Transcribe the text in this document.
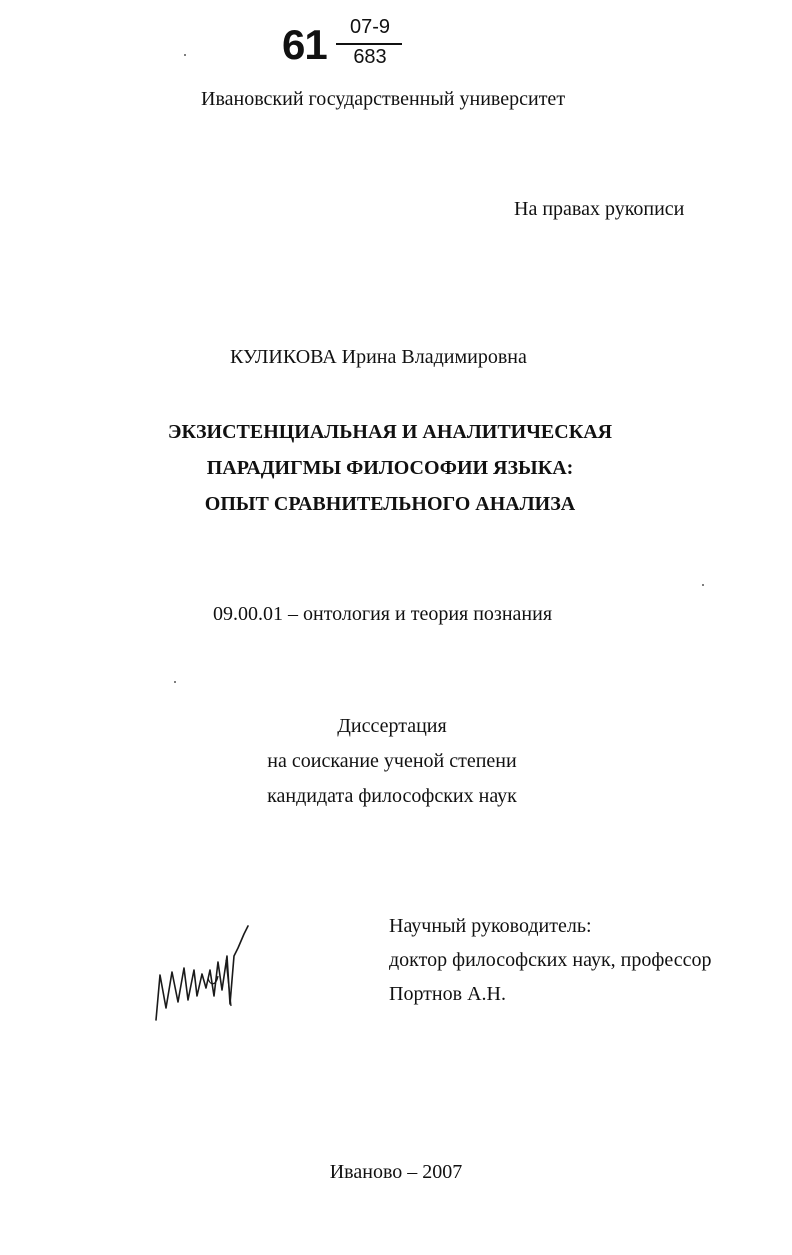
61	07-9
683
Ивановский государственный университет
На правах рукописи
КУЛИКОВА Ирина Владимировна
ЭКЗИСТЕНЦИАЛЬНАЯ И АНАЛИТИЧЕСКАЯ
ПАРАДИГМЫ ФИЛОСОФИИ ЯЗЫКА:
ОПЫТ СРАВНИТЕЛЬНОГО АНАЛИЗА
09.00.01 – онтология и теория познания
Диссертация
на соискание ученой степени
кандидата философских наук
Научный руководитель:
доктор философских наук, профессор
Портнов А.Н.
Иваново – 2007
